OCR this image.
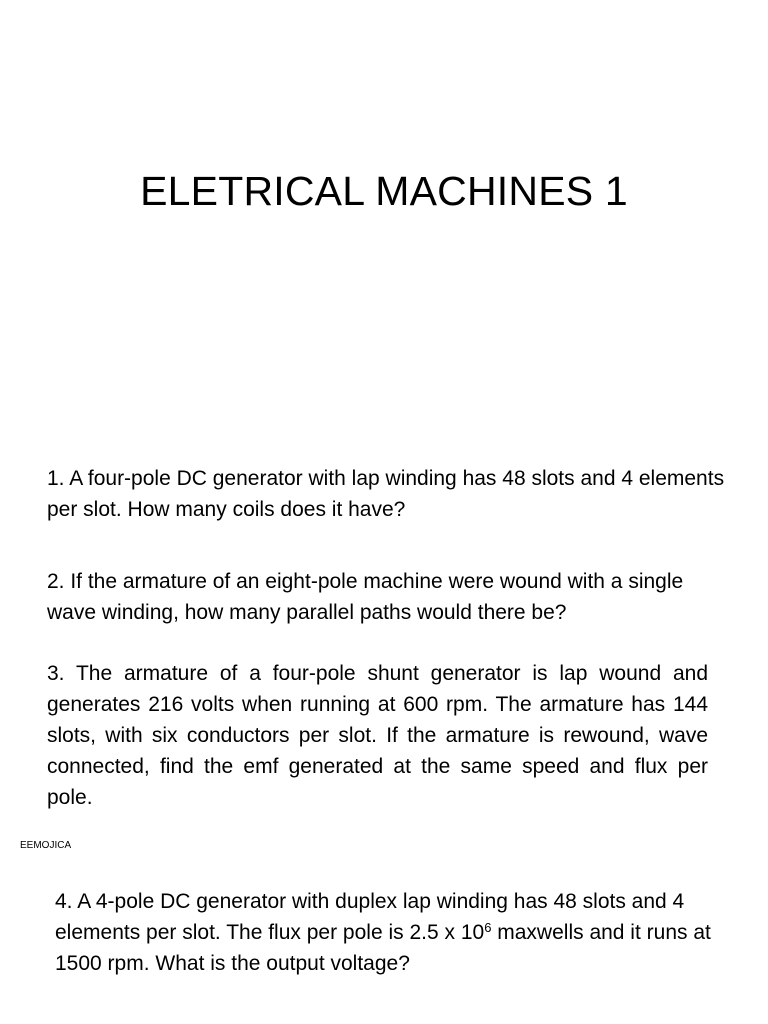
ELETRICAL MACHINES 1

1. A four-pole DC generator with lap winding has 48 slots and 4 elements per slot. How many coils does it have?

2. If the armature of an eight-pole machine were wound with a single wave winding, how many parallel paths would there be?

3. The armature of a four-pole shunt generator is lap wound and generates 216 volts when running at 600 rpm. The armature has 144 slots, with six conductors per slot. If the armature is rewound, wave connected, find the emf generated at the same speed and flux per pole.

EEMOJICA

4. A 4-pole DC generator with duplex lap winding has 48 slots and 4 elements per slot. The flux per pole is 2.5 x $10^6$ maxwells and it runs at 1500 rpm. What is the output voltage?
